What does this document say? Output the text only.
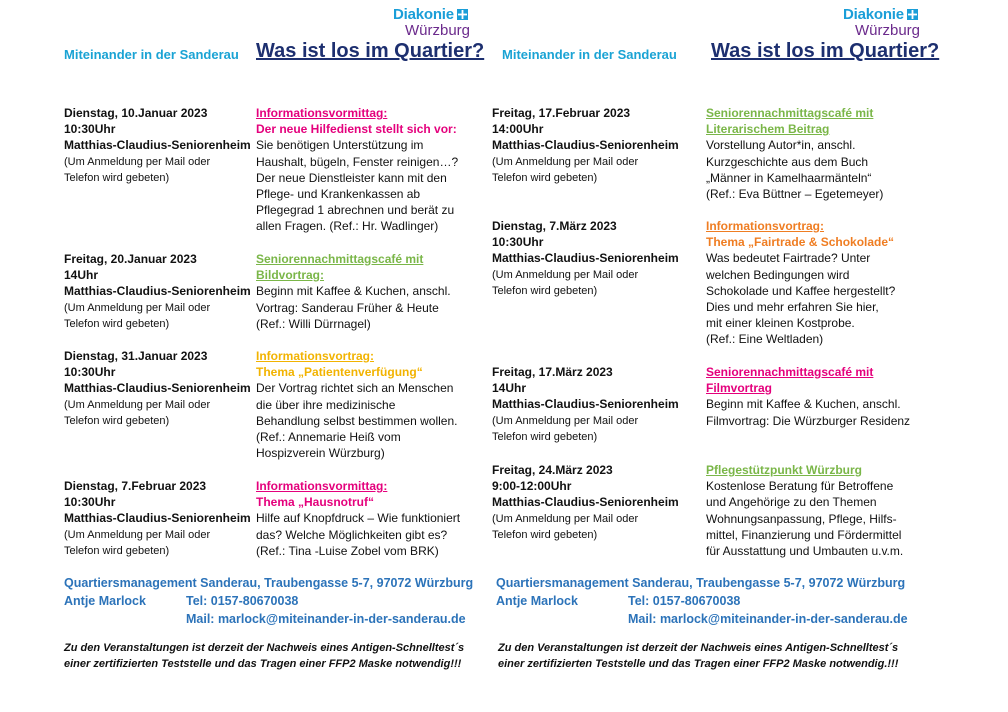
Diakonie
Würzburg
Miteinander in der Sanderau Was ist los im Quartier?
Dienstag, 10.Januar 2023
10:30Uhr
Matthias-Claudius-Seniorenheim
(Um Anmeldung per Mail oder
Telefon wird gebeten)
Informationsvormittag:
Der neue Hilfedienst stellt sich vor:
Sie benötigen Unterstützung im
Haushalt, bügeln, Fenster reinigen…?
Der neue Dienstleister kann mit den
Pflege- und Krankenkassen ab
Pflegegrad 1 abrechnen und berät zu
allen Fragen. (Ref.: Hr. Wadlinger)
Freitag, 20.Januar 2023
14Uhr
Matthias-Claudius-Seniorenheim
(Um Anmeldung per Mail oder
Telefon wird gebeten)
Seniorennachmittagscafé mit
Bildvortrag:
Beginn mit Kaffee & Kuchen, anschl.
Vortrag: Sanderau Früher & Heute
(Ref.: Willi Dürrnagel)
Dienstag, 31.Januar 2023
10:30Uhr
Matthias-Claudius-Seniorenheim
(Um Anmeldung per Mail oder
Telefon wird gebeten)
Informationsvortrag:
Thema „Patientenverfügung“
Der Vortrag richtet sich an Menschen
die über ihre medizinische
Behandlung selbst bestimmen wollen.
(Ref.: Annemarie Heiß vom
Hospizverein Würzburg)
Dienstag, 7.Februar 2023
10:30Uhr
Matthias-Claudius-Seniorenheim
(Um Anmeldung per Mail oder
Telefon wird gebeten)
Informationsvormittag:
Thema „Hausnotruf“
Hilfe auf Knopfdruck – Wie funktioniert
das? Welche Möglichkeiten gibt es?
(Ref.: Tina -Luise Zobel vom BRK)
Quartiersmanagement Sanderau, Traubengasse 5-7, 97072 Würzburg
Antje Marlock	Tel: 0157-80670038
Mail: marlock@miteinander-in-der-sanderau.de
Zu den Veranstaltungen ist derzeit der Nachweis eines Antigen-Schnelltest´s
einer zertifizierten Teststelle und das Tragen einer FFP2 Maske notwendig!!!
Diakonie
Würzburg
Miteinander in der Sanderau Was ist los im Quartier?
Freitag, 17.Februar 2023
14:00Uhr
Matthias-Claudius-Seniorenheim
(Um Anmeldung per Mail oder
Telefon wird gebeten)
Seniorennachmittagscafé mit
Literarischem Beitrag
Vorstellung Autor*in, anschl.
Kurzgeschichte aus dem Buch
„Männer in Kamelhaarmänteln“
(Ref.: Eva Büttner – Egetemeyer)
Dienstag, 7.März 2023
10:30Uhr
Matthias-Claudius-Seniorenheim
(Um Anmeldung per Mail oder
Telefon wird gebeten)
Informationsvortrag:
Thema „Fairtrade & Schokolade“
Was bedeutet Fairtrade? Unter
welchen Bedingungen wird
Schokolade und Kaffee hergestellt?
Dies und mehr erfahren Sie hier,
mit einer kleinen Kostprobe.
(Ref.: Eine Weltladen)
Freitag, 17.März 2023
14Uhr
Matthias-Claudius-Seniorenheim
(Um Anmeldung per Mail oder
Telefon wird gebeten)
Seniorennachmittagscafé mit
Filmvortrag
Beginn mit Kaffee & Kuchen, anschl.
Filmvortrag: Die Würzburger Residenz
Freitag, 24.März 2023
9:00-12:00Uhr
Matthias-Claudius-Seniorenheim
(Um Anmeldung per Mail oder
Telefon wird gebeten)
Pflegestützpunkt Würzburg
Kostenlose Beratung für Betroffene
und Angehörige zu den Themen
Wohnungsanpassung, Pflege, Hilfs-
mittel, Finanzierung und Fördermittel
für Ausstattung und Umbauten u.v.m.
Quartiersmanagement Sanderau, Traubengasse 5-7, 97072 Würzburg
Antje Marlock	Tel: 0157-80670038
Mail: marlock@miteinander-in-der-sanderau.de
Zu den Veranstaltungen ist derzeit der Nachweis eines Antigen-Schnelltest´s
einer zertifizierten Teststelle und das Tragen einer FFP2 Maske notwendig.!!!
